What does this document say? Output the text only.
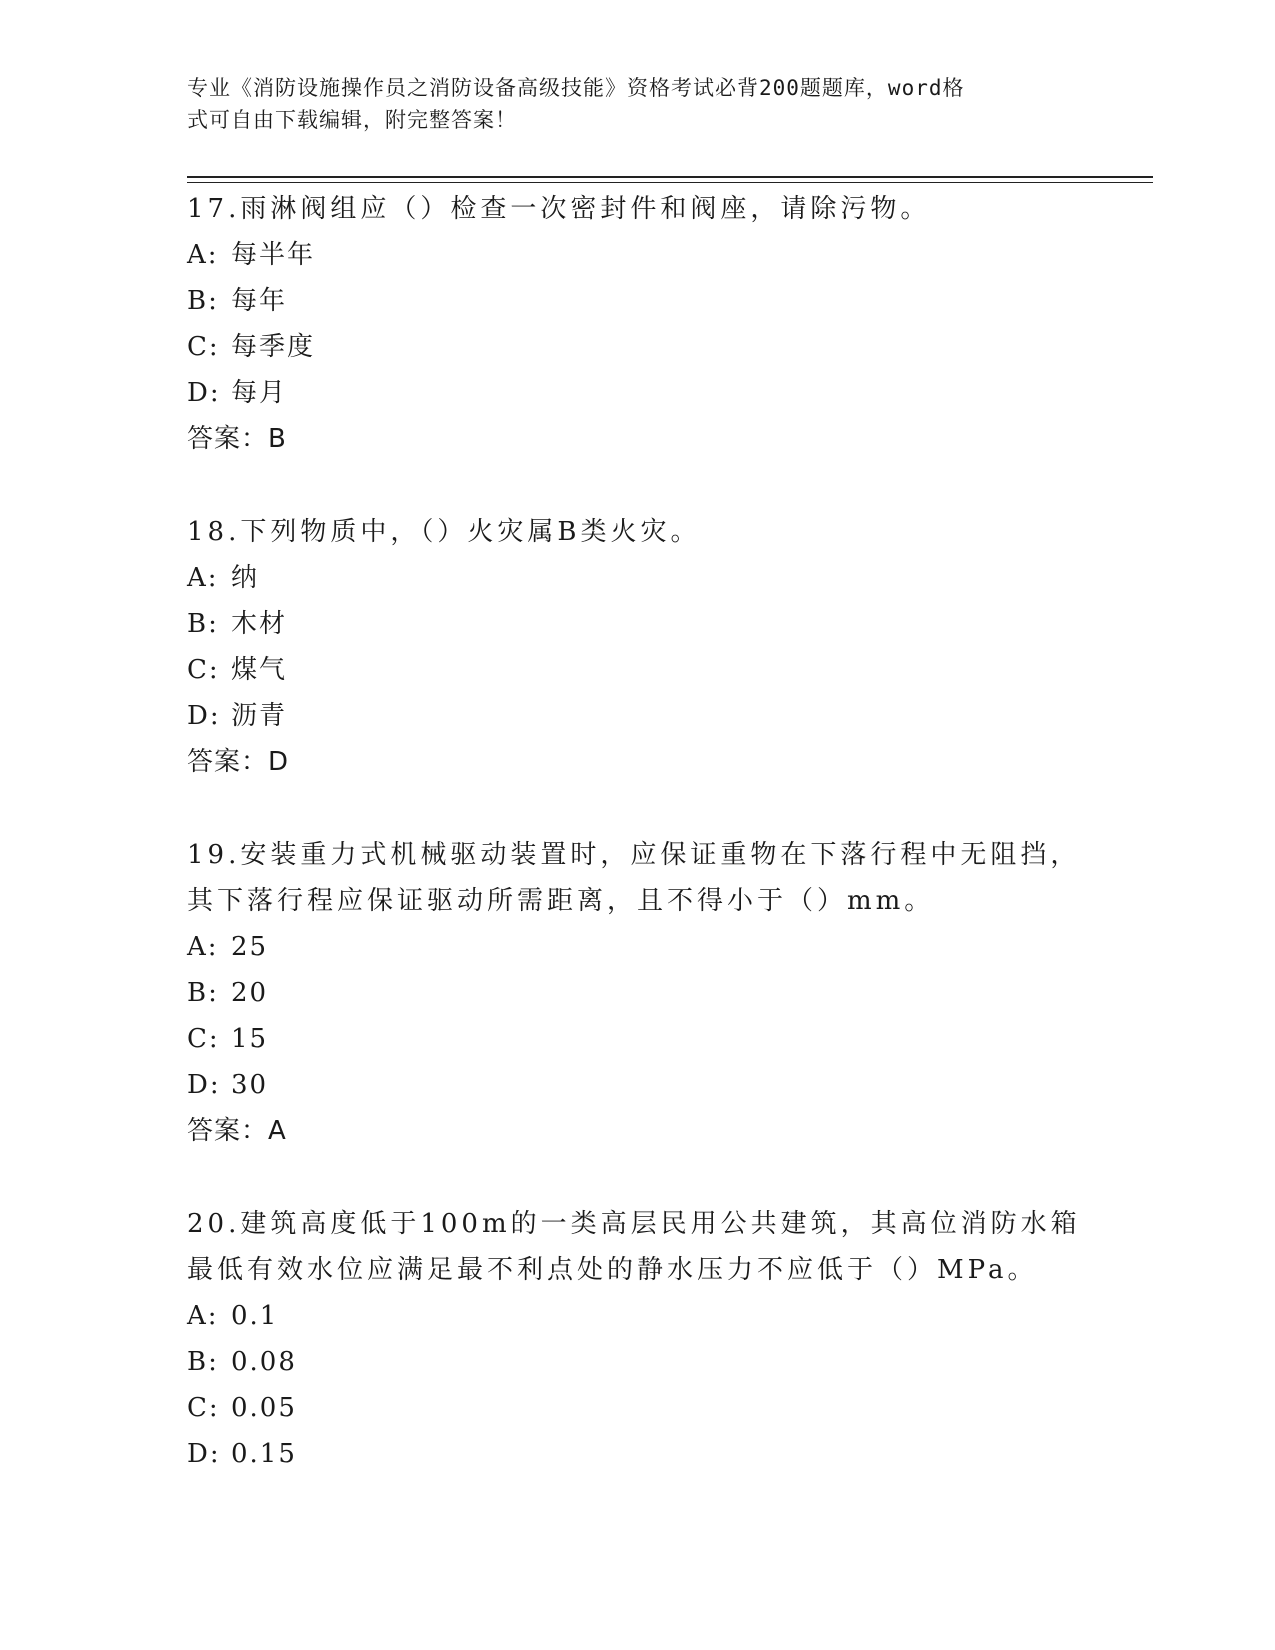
专业《消防设施操作员之消防设备高级技能》资格考试必背200题题库，word格
式可自由下载编辑，附完整答案！

17.雨淋阀组应（）检查一次密封件和阀座，请除污物。

A: 每半年

B: 每年

C: 每季度

D: 每月

答案：B

18.下列物质中，（）火灾属B类火灾。

A: 纳

B: 木材

C: 煤气

D: 沥青

答案：D

19.安装重力式机械驱动装置时，应保证重物在下落行程中无阻挡，其下落行程应保证驱动所需距离，且不得小于（）mm。

A: 25

B: 20

C: 15

D: 30

答案：A

20.建筑高度低于100m的一类高层民用公共建筑，其高位消防水箱最低有效水位应满足最不利点处的静水压力不应低于（）MPa。

A: 0.1

B: 0.08

C: 0.05

D: 0.15
